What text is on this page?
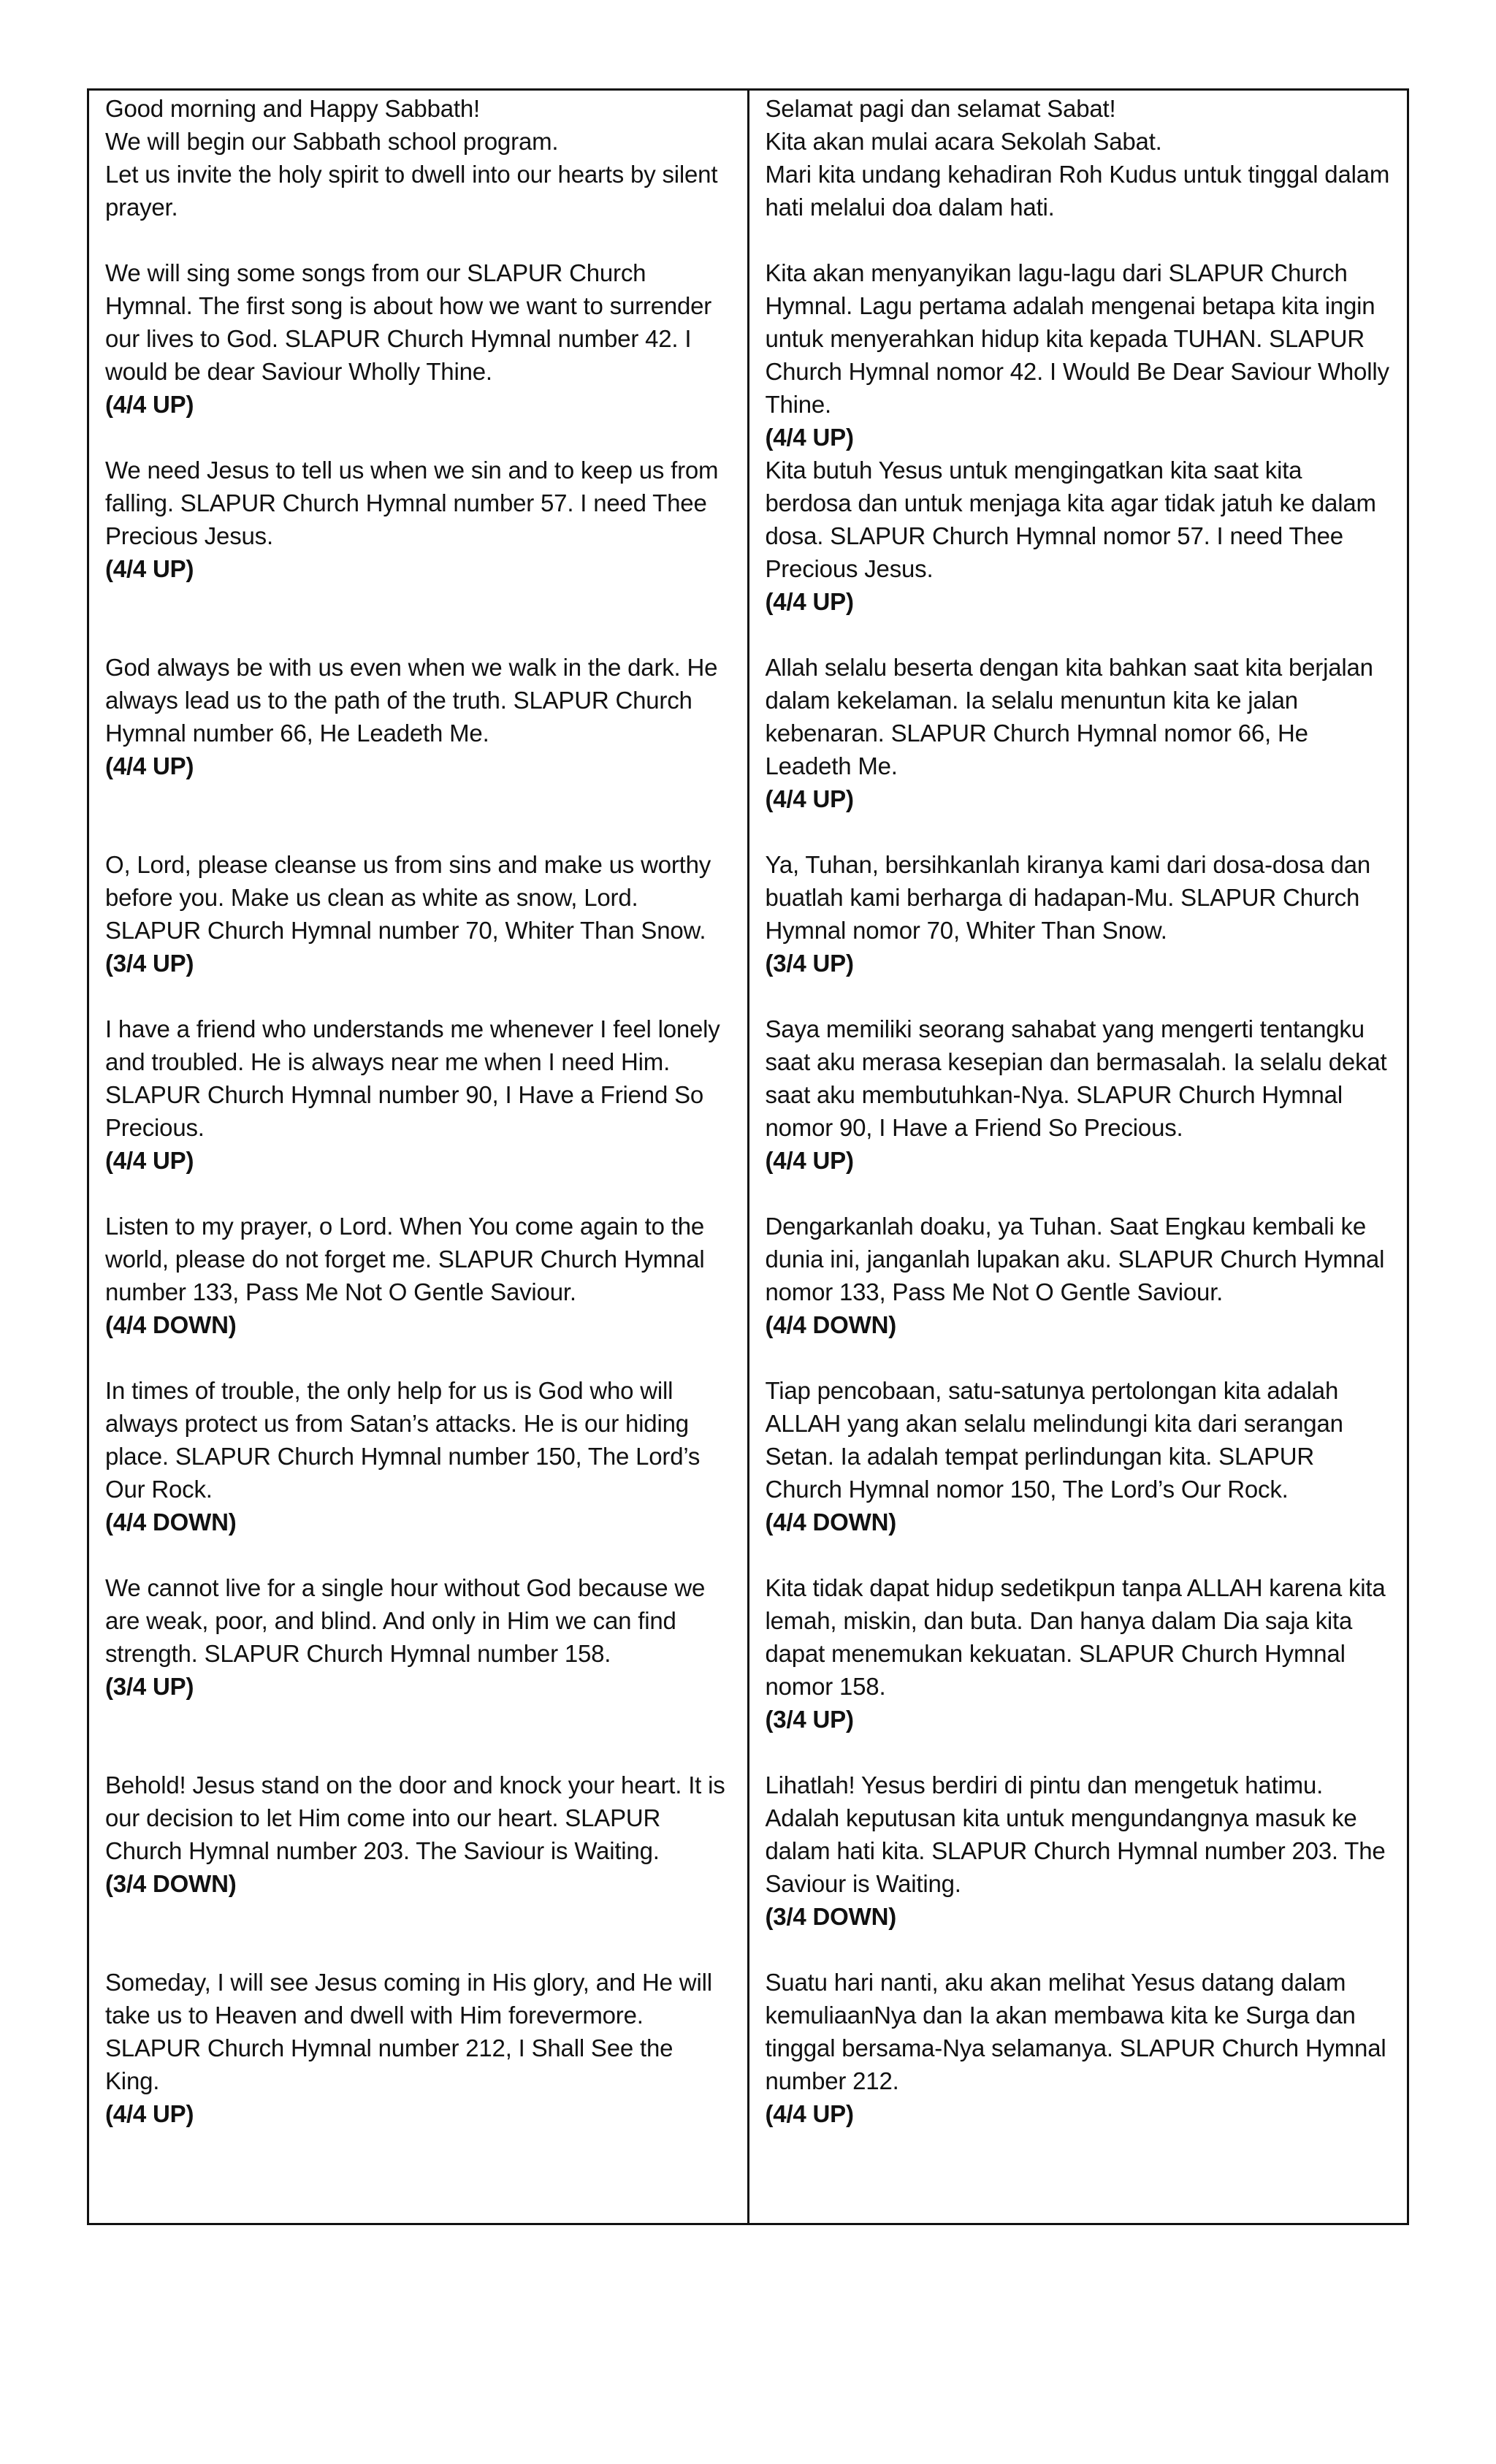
Good morning and Happy Sabbath!
We will begin our Sabbath school program.
Let us invite the holy spirit to dwell into our hearts by silent prayer.

We will sing some songs from our SLAPUR Church Hymnal. The first song is about how we want to surrender our lives to God. SLAPUR Church Hymnal number 42. I would be dear Saviour Wholly Thine.

(4/4 UP)

We need Jesus to tell us when we sin and to keep us from falling. SLAPUR Church Hymnal number 57. I need Thee Precious Jesus.

(4/4 UP)

God always be with us even when we walk in the dark. He always lead us to the path of the truth. SLAPUR Church Hymnal number 66, He Leadeth Me.

(4/4 UP)

O, Lord, please cleanse us from sins and make us worthy before you. Make us clean as white as snow, Lord. SLAPUR Church Hymnal number 70, Whiter Than Snow.

(3/4 UP)

I have a friend who understands me whenever I feel lonely and troubled. He is always near me when I need Him. SLAPUR Church Hymnal number 90, I Have a Friend So Precious.

(4/4 UP)

Listen to my prayer, o Lord. When You come again to the world, please do not forget me. SLAPUR Church Hymnal number 133, Pass Me Not O Gentle Saviour.

(4/4 DOWN)

In times of trouble, the only help for us is God who will always protect us from Satan’s attacks. He is our hiding place. SLAPUR Church Hymnal number 150, The Lord’s Our Rock.

(4/4 DOWN)

We cannot live for a single hour without God because we are weak, poor, and blind. And only in Him we can find strength. SLAPUR Church Hymnal number 158.

(3/4 UP)

Behold! Jesus stand on the door and knock your heart. It is our decision to let Him come into our heart. SLAPUR Church Hymnal number 203. The Saviour is Waiting.

(3/4 DOWN)

Someday, I will see Jesus coming in His glory, and He will take us to Heaven and dwell with Him forevermore. SLAPUR Church Hymnal number 212, I Shall See the King.

(4/4 UP)

Selamat pagi dan selamat Sabat!
Kita akan mulai acara Sekolah Sabat.
Mari kita undang kehadiran Roh Kudus untuk tinggal dalam hati melalui doa dalam hati.

Kita akan menyanyikan lagu-lagu dari SLAPUR Church Hymnal. Lagu pertama adalah mengenai betapa kita ingin untuk menyerahkan hidup kita kepada TUHAN. SLAPUR Church Hymnal nomor 42. I Would Be Dear Saviour Wholly Thine.

(4/4 UP)

Kita butuh Yesus untuk mengingatkan kita saat kita berdosa dan untuk menjaga kita agar tidak jatuh ke dalam dosa. SLAPUR Church Hymnal nomor 57. I need Thee Precious Jesus.

(4/4 UP)

Allah selalu beserta dengan kita bahkan saat kita berjalan dalam kekelaman. Ia selalu menuntun kita ke jalan kebenaran. SLAPUR Church Hymnal nomor 66, He Leadeth Me.

(4/4 UP)

Ya, Tuhan, bersihkanlah kiranya kami dari dosa-dosa dan buatlah kami berharga di hadapan-Mu. SLAPUR Church Hymnal nomor 70, Whiter Than Snow.

(3/4 UP)

Saya memiliki seorang sahabat yang mengerti tentangku saat aku merasa kesepian dan bermasalah. Ia selalu dekat saat aku membutuhkan-Nya. SLAPUR Church Hymnal nomor 90, I Have a Friend So Precious.

(4/4 UP)

Dengarkanlah doaku, ya Tuhan. Saat Engkau kembali ke dunia ini, janganlah lupakan aku. SLAPUR Church Hymnal nomor 133, Pass Me Not O Gentle Saviour.

(4/4 DOWN)

Tiap pencobaan, satu-satunya pertolongan kita adalah ALLAH yang akan selalu melindungi kita dari serangan Setan. Ia adalah tempat perlindungan kita. SLAPUR Church Hymnal nomor 150, The Lord’s Our Rock.

(4/4 DOWN)

Kita tidak dapat hidup sedetikpun tanpa ALLAH karena kita lemah, miskin, dan buta. Dan hanya dalam Dia saja kita dapat menemukan kekuatan. SLAPUR Church Hymnal nomor 158.

(3/4 UP)

Lihatlah! Yesus berdiri di pintu dan mengetuk hatimu. Adalah keputusan kita untuk mengundangnya masuk ke dalam hati kita. SLAPUR Church Hymnal number 203. The Saviour is Waiting.

(3/4 DOWN)

Suatu hari nanti, aku akan melihat Yesus datang dalam kemuliaanNya dan Ia akan membawa kita ke Surga dan tinggal bersama-Nya selamanya. SLAPUR Church Hymnal number 212.

(4/4 UP)
